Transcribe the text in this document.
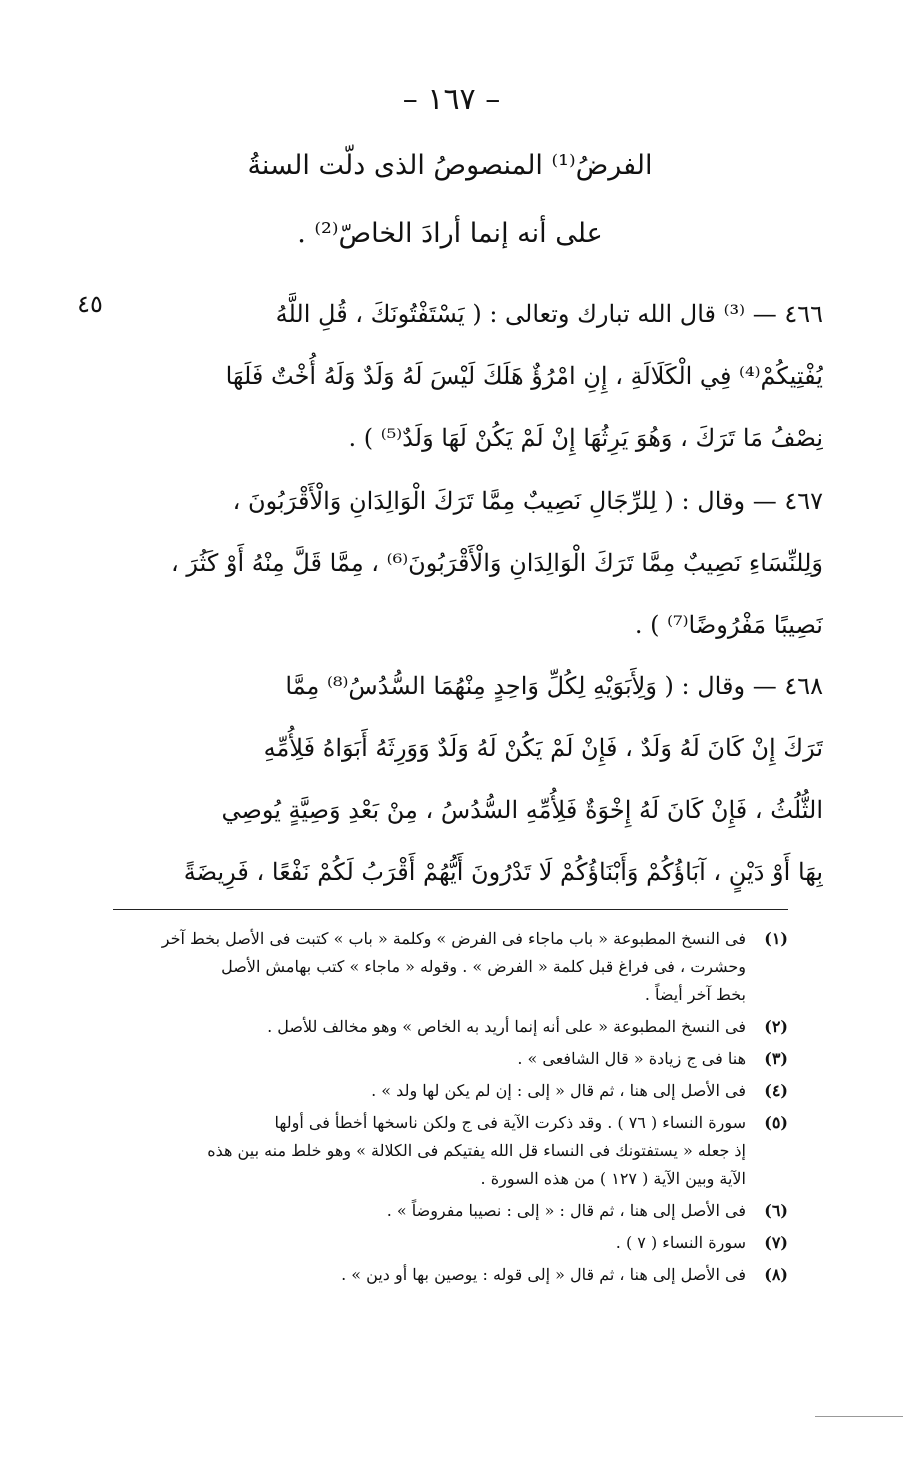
– ١٦٧ –
الفرضُ⁽¹⁾ المنصوصُ الذى دلّت السنةُ
على أنه إنما أرادَ الخاصّ⁽²⁾ .
٤٥	٤٦٦ — ⁽³⁾ قال الله تبارك وتعالى : ( يَسْتَفْتُونَكَ ، قُلِ اللَّهُ
يُفْتِيكُمْ⁽⁴⁾ فِي الْكَلَالَةِ ، إِنِ امْرُؤٌ هَلَكَ لَيْسَ لَهُ وَلَدٌ وَلَهُ أُخْتٌ فَلَهَا
نِصْفُ مَا تَرَكَ ، وَهُوَ يَرِثُهَا إِنْ لَمْ يَكُنْ لَهَا وَلَدٌ⁽⁵⁾ ) .
٤٦٧ — وقال : ( لِلرِّجَالِ نَصِيبٌ مِمَّا تَرَكَ الْوَالِدَانِ وَالْأَقْرَبُونَ ،
وَلِلنِّسَاءِ نَصِيبٌ مِمَّا تَرَكَ الْوَالِدَانِ وَالْأَقْرَبُونَ⁽⁶⁾ ، مِمَّا قَلَّ مِنْهُ أَوْ كَثُرَ ،
نَصِيبًا مَفْرُوضًا⁽⁷⁾ ) .
٤٦٨ — وقال : ( وَلِأَبَوَيْهِ لِكُلِّ وَاحِدٍ مِنْهُمَا السُّدُسُ⁽⁸⁾ مِمَّا
تَرَكَ إِنْ كَانَ لَهُ وَلَدٌ ، فَإِنْ لَمْ يَكُنْ لَهُ وَلَدٌ وَوَرِثَهُ أَبَوَاهُ فَلِأُمِّهِ
الثُّلُثُ ، فَإِنْ كَانَ لَهُ إِخْوَةٌ فَلِأُمِّهِ السُّدُسُ ، مِنْ بَعْدِ وَصِيَّةٍ يُوصِي
بِهَا أَوْ دَيْنٍ ، آبَاؤُكُمْ وَأَبْنَاؤُكُمْ لَا تَدْرُونَ أَيُّهُمْ أَقْرَبُ لَكُمْ نَفْعًا ، فَرِيضَةً
(١)
فى النسخ المطبوعة « باب ماجاء فى الفرض » وكلمة « باب » كتبت فى الأصل بخط آخر
وحشرت ، فى فراغ قبل كلمة « الفرض » . وقوله « ماجاء » كتب بهامش الأصل
بخط آخر أيضاً .
(٢)
فى النسخ المطبوعة « على أنه إنما أريد به الخاص » وهو مخالف للأصل .
(٣)
هنا فى ج زيادة « قال الشافعى » .
(٤)
فى الأصل إلى هنا ، ثم قال « إلى : إن لم يكن لها ولد » .
(٥)
سورة النساء ( ٧٦ ) . وقد ذكرت الآية فى ج ولكن ناسخها أخطأ فى أولها
إذ جعله « يستفتونك فى النساء قل الله يفتيكم فى الكلالة » وهو خلط منه بين هذه
الآية وبين الآية ( ١٢٧ ) من هذه السورة .
(٦)
فى الأصل إلى هنا ، ثم قال : « إلى : نصيبا مفروضاً » .
(٧)
سورة النساء ( ٧ ) .
(٨)
فى الأصل إلى هنا ، ثم قال « إلى قوله : يوصين بها أو دين » .
